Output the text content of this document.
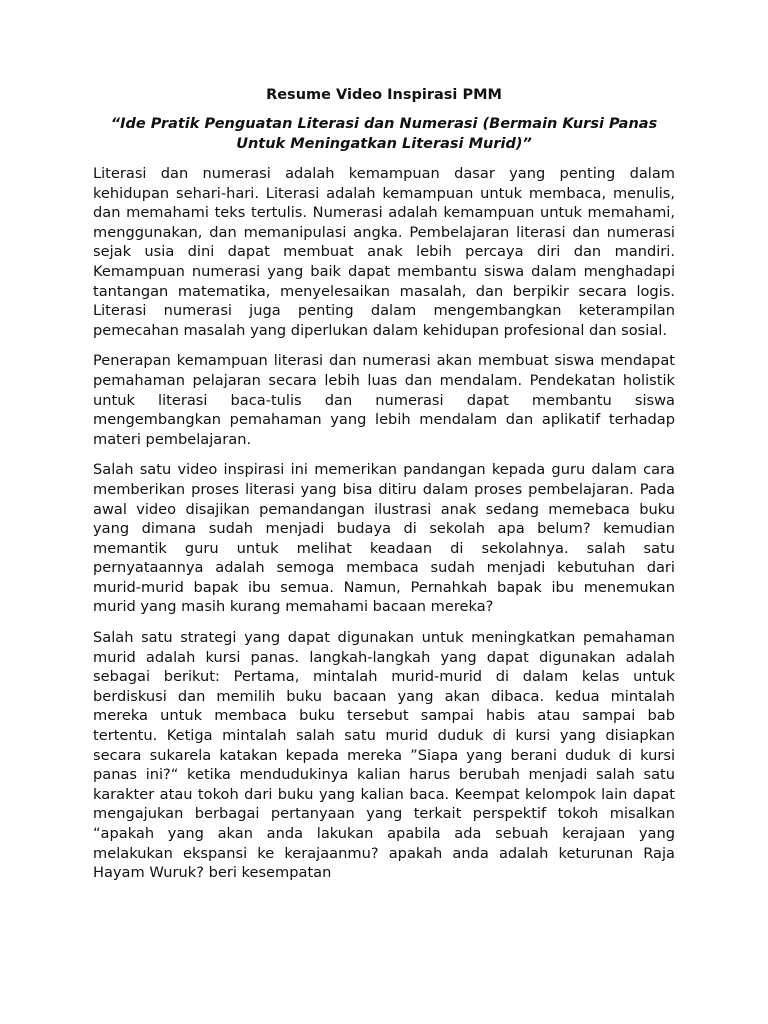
Resume Video Inspirasi PMM
“Ide Pratik Penguatan Literasi dan Numerasi (Bermain Kursi Panas Untuk Meningatkan Literasi Murid)”

Literasi dan numerasi adalah kemampuan dasar yang penting dalam kehidupan sehari-hari. Literasi adalah kemampuan untuk membaca, menulis, dan memahami teks tertulis. Numerasi adalah kemampuan untuk memahami, menggunakan, dan memanipulasi angka. Pembelajaran literasi dan numerasi sejak usia dini dapat membuat anak lebih percaya diri dan mandiri. Kemampuan numerasi yang baik dapat membantu siswa dalam menghadapi tantangan matematika, menyelesaikan masalah, dan berpikir secara logis. Literasi numerasi juga penting dalam mengembangkan keterampilan pemecahan masalah yang diperlukan dalam kehidupan profesional dan sosial.

Penerapan kemampuan literasi dan numerasi akan membuat siswa mendapat pemahaman pelajaran secara lebih luas dan mendalam. Pendekatan holistik untuk literasi baca-tulis dan numerasi dapat membantu siswa mengembangkan pemahaman yang lebih mendalam dan aplikatif terhadap materi pembelajaran.

Salah satu video inspirasi ini memerikan pandangan kepada guru dalam cara memberikan proses literasi yang bisa ditiru dalam proses pembelajaran. Pada awal video disajikan pemandangan ilustrasi anak sedang memebaca buku yang dimana sudah menjadi budaya di sekolah apa belum? kemudian memantik guru untuk melihat keadaan di sekolahnya. salah satu pernyataannya adalah semoga membaca sudah menjadi kebutuhan dari murid-murid bapak ibu semua. Namun, Pernahkah bapak ibu menemukan murid yang masih kurang memahami bacaan mereka?

Salah satu strategi yang dapat digunakan untuk meningkatkan pemahaman murid adalah kursi panas. langkah-langkah yang dapat digunakan adalah sebagai berikut: Pertama, mintalah murid-murid di dalam kelas untuk berdiskusi dan memilih buku bacaan yang akan dibaca. kedua mintalah mereka untuk membaca buku tersebut sampai habis atau sampai bab tertentu. Ketiga mintalah salah satu murid duduk di kursi yang disiapkan secara sukarela katakan kepada mereka ”Siapa yang berani duduk di kursi panas ini?“ ketika mendudukinya kalian harus berubah menjadi salah satu karakter atau tokoh dari buku yang kalian baca. Keempat kelompok lain dapat mengajukan berbagai pertanyaan yang terkait perspektif tokoh misalkan “apakah yang akan anda lakukan apabila ada sebuah kerajaan yang melakukan ekspansi ke kerajaanmu? apakah anda adalah keturunan Raja Hayam Wuruk? beri kesempatan
